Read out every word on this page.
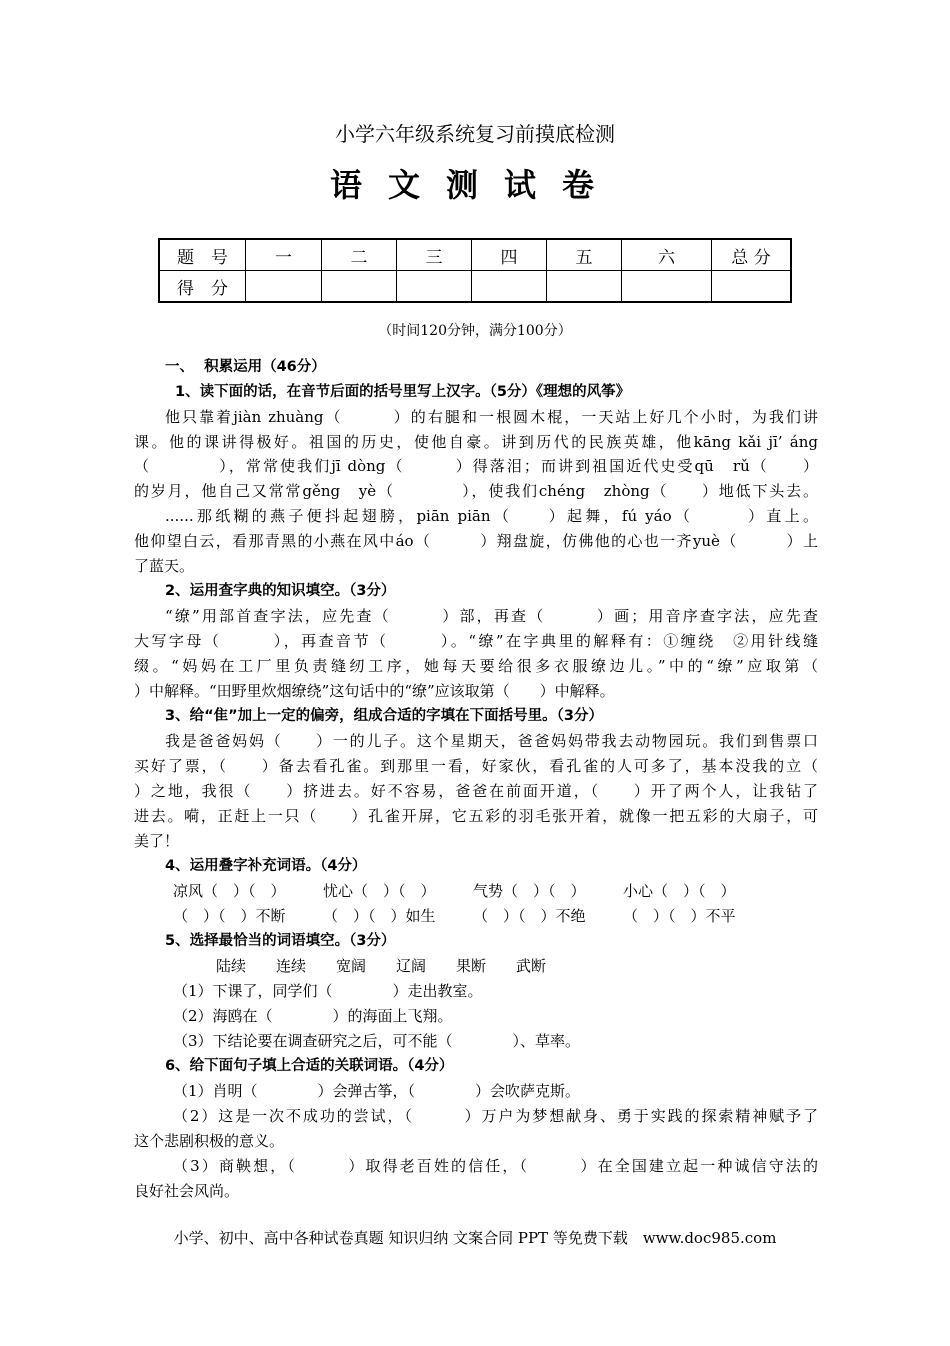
小学六年级系统复习前摸底检测
语文测试卷
题　号	一	二	三	四	五	六	总 分
得　分							
（时间120分钟，满分100分）
一、  积累运用（46分）
1、读下面的话，在音节后面的括号里写上汉字。（5分）《理想的风筝》
他只靠着jiàn zhuàng（　　　）的右腿和一根圆木棍，一天站上好几个小时，为我们讲
课。他的课讲得极好。祖国的历史，使他自豪。讲到历代的民族英雄，他kāng kǎi jī’ áng
（　　　　），常常使我们jī dòng（　　　）得落泪；而讲到祖国近代史受qū　rǔ（　　）
的岁月，他自己又常常gěng　yè（　　　　），使我们chéng　zhòng（　　）地低下头去。
......那纸糊的燕子便抖起翅膀，piān piān（　　）起舞，fú yáo（　　　）直上。
他仰望白云，看那青黑的小燕在风中áo（　　　）翔盘旋，仿佛他的心也一齐yuè（　　　）上
了蓝天。
2、运用查字典的知识填空。（3分）
“缭”用部首查字法，应先查（　　　）部，再查（　　　）画；用音序查字法，应先查
大写字母（　　　），再查音节（　　　）。“缭”在字典里的解释有：①缠绕　②用针线缝
缀。“妈妈在工厂里负责缝纫工序，她每天要给很多衣服缭边儿。”中的“缭”应取第（
）中解释。“田野里炊烟缭绕”这句话中的“缭”应该取第（　　）中解释。
3、给“隹”加上一定的偏旁，组成合适的字填在下面括号里。（3分）
我是爸爸妈妈（　　）一的儿子。这个星期天，爸爸妈妈带我去动物园玩。我们到售票口
买好了票，（　　）备去看孔雀。到那里一看，好家伙，看孔雀的人可多了，基本没我的立（
）之地，我很（　　）挤进去。好不容易，爸爸在前面开道，（　　）开了两个人，让我钻了
进去。嗬，正赶上一只（　　）孔雀开屏，它五彩的羽毛张开着，就像一把五彩的大扇子，可
美了！
4、运用叠字补充词语。（4分）
凉风（　）（　）　　　忧心（　）（　）　　　气势（　）（　）　　　小心（　）（　）
（　）（　）不断　　　（　）（　）如生　　　（　）（　）不绝　　　（　）（　）不平
5、选择最恰当的词语填空。（3分）
陆续　　连续　　宽阔　　辽阔　　果断　　武断
（1）下课了，同学们（　　　　）走出教室。
（2）海鸥在（　　　　）的海面上飞翔。
（3）下结论要在调查研究之后，可不能（　　　　）、草率。
6、给下面句子填上合适的关联词语。（4分）
（1）肖明（　　　　）会弹古筝，（　　　　）会吹萨克斯。
（2）这是一次不成功的尝试，（　　　）万户为梦想献身、勇于实践的探索精神赋予了
这个悲剧积极的意义。
（3）商鞅想，（　　　）取得老百姓的信任，（　　　）在全国建立起一种诚信守法的
良好社会风尚。
小学、初中、高中各种试卷真题 知识归纳 文案合同 PPT 等免费下载　www.doc985.com
